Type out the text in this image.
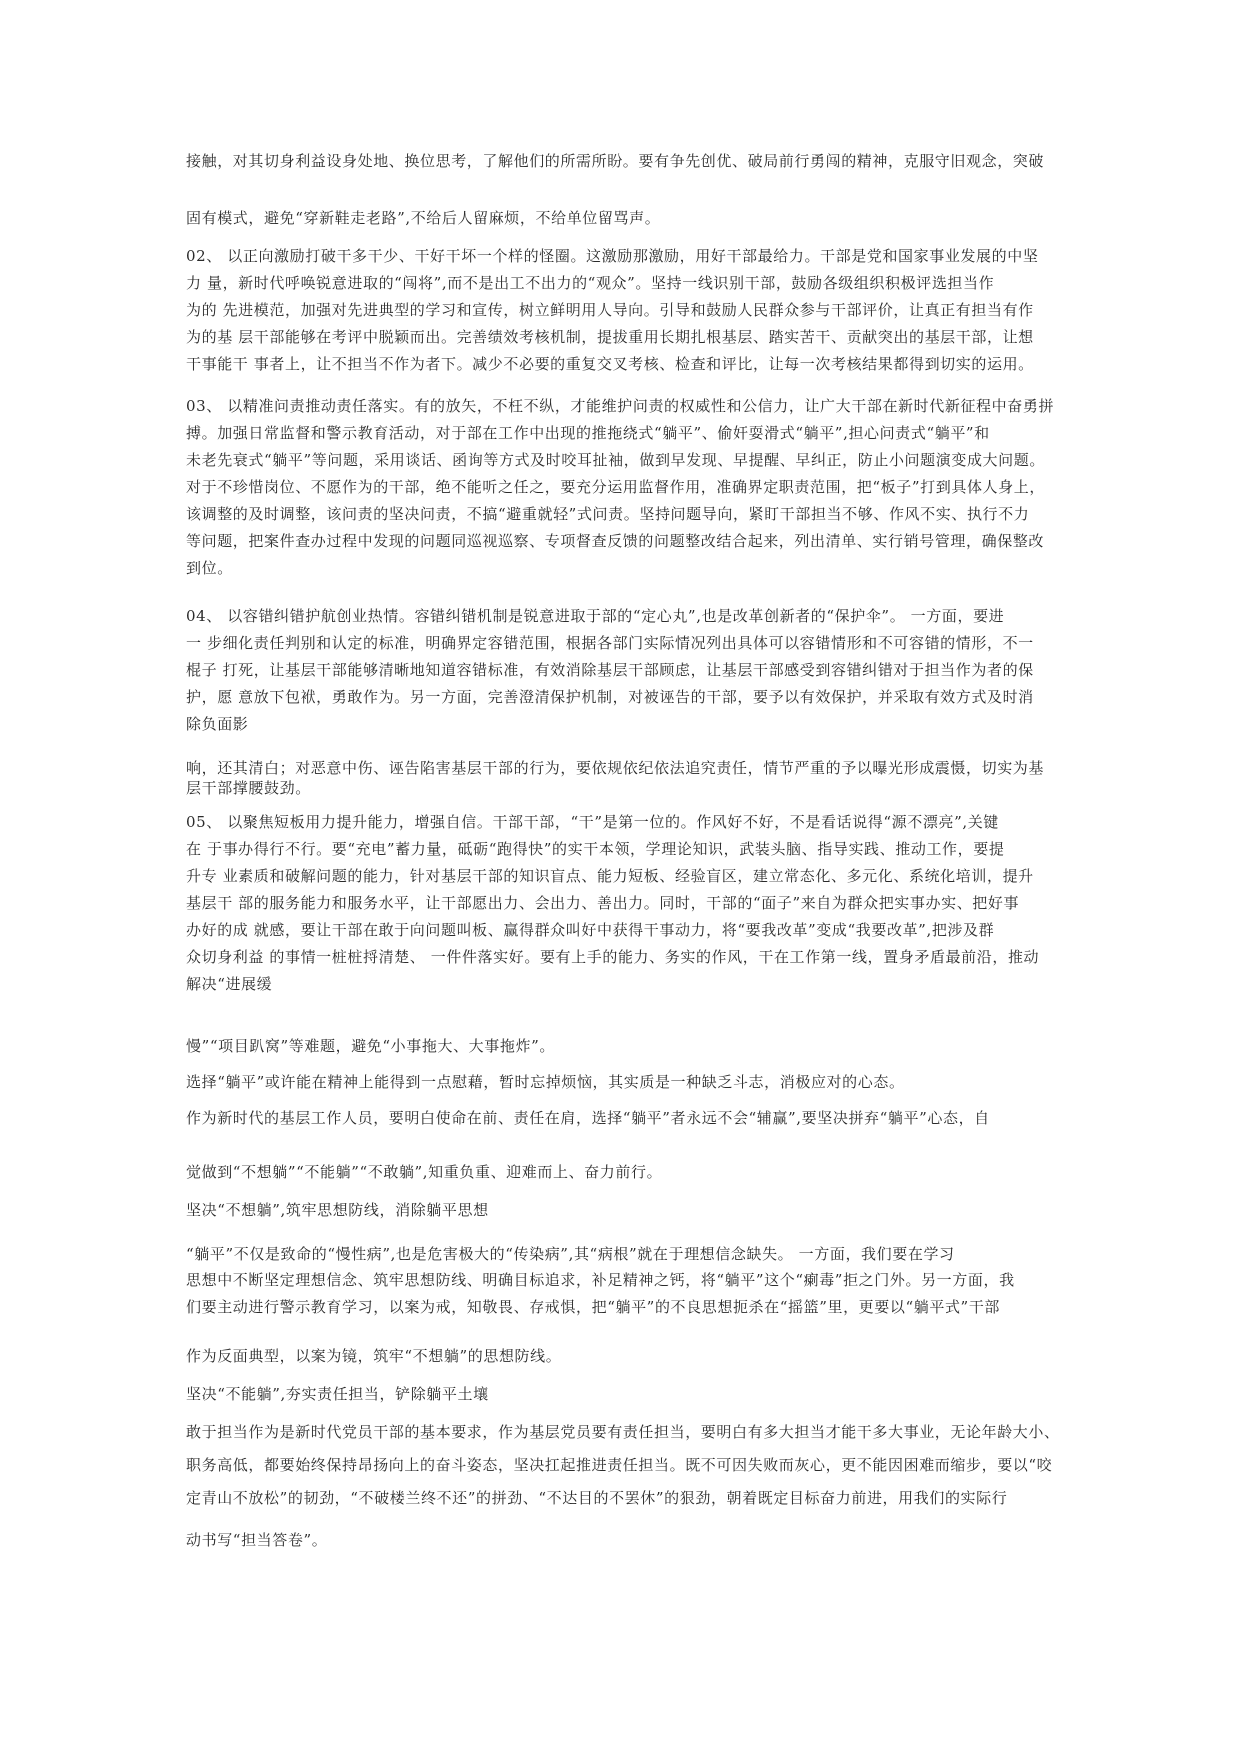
接触，对其切身利益设身处地、换位思考，了解他们的所需所盼。要有争先创优、破局前行勇闯的精神，克服守旧观念，突破
固有模式，避免“穿新鞋走老路”,不给后人留麻烦，不给单位留骂声。
02、 以正向激励打破干多干少、干好干坏一个样的怪圈。这激励那激励，用好干部最给力。干部是党和国家事业发展的中坚
力 量，新时代呼唤锐意进取的“闯将”,而不是出工不出力的“观众”。坚持一线识别干部，鼓励各级组织积极评选担当作
为的 先进模范，加强对先进典型的学习和宣传，树立鲜明用人导向。引导和鼓励人民群众参与干部评价，让真正有担当有作
为的基 层干部能够在考评中脱颖而出。完善绩效考核机制，提拔重用长期扎根基层、踏实苦干、贡献突出的基层干部，让想
干事能干 事者上，让不担当不作为者下。减少不必要的重复交叉考核、检查和评比，让每一次考核结果都得到切实的运用。
03、 以精准问责推动责任落实。有的放矢，不枉不纵，才能维护问责的权威性和公信力，让广大干部在新时代新征程中奋勇拼
搏。加强日常监督和警示教育活动，对于部在工作中出现的推拖绕式“躺平”、偷奸耍滑式“躺平”,担心问责式“躺平”和
未老先衰式“躺平”等问题，采用谈话、函询等方式及时咬耳扯袖，做到早发现、早提醒、早纠正，防止小问题演变成大问题。
对于不珍惜岗位、不愿作为的干部，绝不能听之任之，要充分运用监督作用，准确界定职责范围，把“板子”打到具体人身上，
该调整的及时调整，该问责的坚决问责，不搞“避重就轻”式问责。坚持问题导向，紧盯干部担当不够、作风不实、执行不力
等问题，把案件查办过程中发现的问题同巡视巡察、专项督查反馈的问题整改结合起来，列出清单、实行销号管理，确保整改
到位。
04、 以容错纠错护航创业热情。容错纠错机制是锐意进取于部的“定心丸”,也是改革创新者的“保护伞”。 一方面，要进
一 步细化责任判别和认定的标准，明确界定容错范围，根据各部门实际情况列出具体可以容错情形和不可容错的情形，不一
棍子 打死，让基层干部能够清晰地知道容错标准，有效消除基层干部顾虑，让基层干部感受到容错纠错对于担当作为者的保
护，愿 意放下包袱，勇敢作为。另一方面，完善澄清保护机制，对被诬告的干部，要予以有效保护，并采取有效方式及时消
除负面影
响，还其清白；对恶意中伤、诬告陷害基层干部的行为，要依规依纪依法追究责任，情节严重的予以曝光形成震慑，切实为基
层干部撑腰鼓劲。
05、 以聚焦短板用力提升能力，增强自信。干部干部，“干”是第一位的。作风好不好，不是看话说得“源不漂亮”,关键
在 于事办得行不行。要“充电”蓄力量，砥砺“跑得快”的实干本领，学理论知识，武装头脑、指导实践、推动工作，要提
升专 业素质和破解问题的能力，针对基层干部的知识盲点、能力短板、经验盲区，建立常态化、多元化、系统化培训，提升
基层干 部的服务能力和服务水平，让干部愿出力、会出力、善出力。同时，干部的“面子”来自为群众把实事办实、把好事
办好的成 就感，要让干部在敢于向问题叫板、赢得群众叫好中获得干事动力，将“要我改革”变成“我要改革”,把涉及群
众切身利益 的事情一桩桩捋清楚、 一件件落实好。要有上手的能力、务实的作风，干在工作第一线，置身矛盾最前沿，推动
解决“进展缓
慢”“项目趴窝”等难题，避免“小事拖大、大事拖炸”。
选择“躺平”或许能在精神上能得到一点慰藉，暂时忘掉烦恼，其实质是一种缺乏斗志，消极应对的心态。
作为新时代的基层工作人员，要明白使命在前、责任在肩，选择“躺平”者永远不会“辅赢”,要坚决拼弃“躺平”心态，自
觉做到“不想躺”“不能躺”“不敢躺”,知重负重、迎难而上、奋力前行。
坚决“不想躺”,筑牢思想防线，消除躺平思想
“躺平”不仅是致命的“慢性病”,也是危害极大的“传染病”,其“病根”就在于理想信念缺失。 一方面，我们要在学习
思想中不断坚定理想信念、筑牢思想防线、明确目标追求，补足精神之钙，将“躺平”这个“瘌毒”拒之门外。另一方面，我
们要主动进行警示教育学习，以案为戒，知敬畏、存戒惧，把“躺平”的不良思想扼杀在“摇篮”里，更要以“躺平式”干部
作为反面典型，以案为镜，筑牢“不想躺”的思想防线。
坚决“不能躺”,夯实责任担当，铲除躺平土壤
敢于担当作为是新时代党员干部的基本要求，作为基层党员要有责任担当，要明白有多大担当才能干多大事业，无论年龄大小、
职务高低，都要始终保持昂扬向上的奋斗姿态，坚决扛起推进责任担当。既不可因失败而灰心，更不能因困难而缩步，要以“咬
定青山不放松”的韧劲，“不破楼兰终不还”的拼劲、“不达目的不罢休”的狠劲，朝着既定目标奋力前进，用我们的实际行
动书写“担当答卷”。
